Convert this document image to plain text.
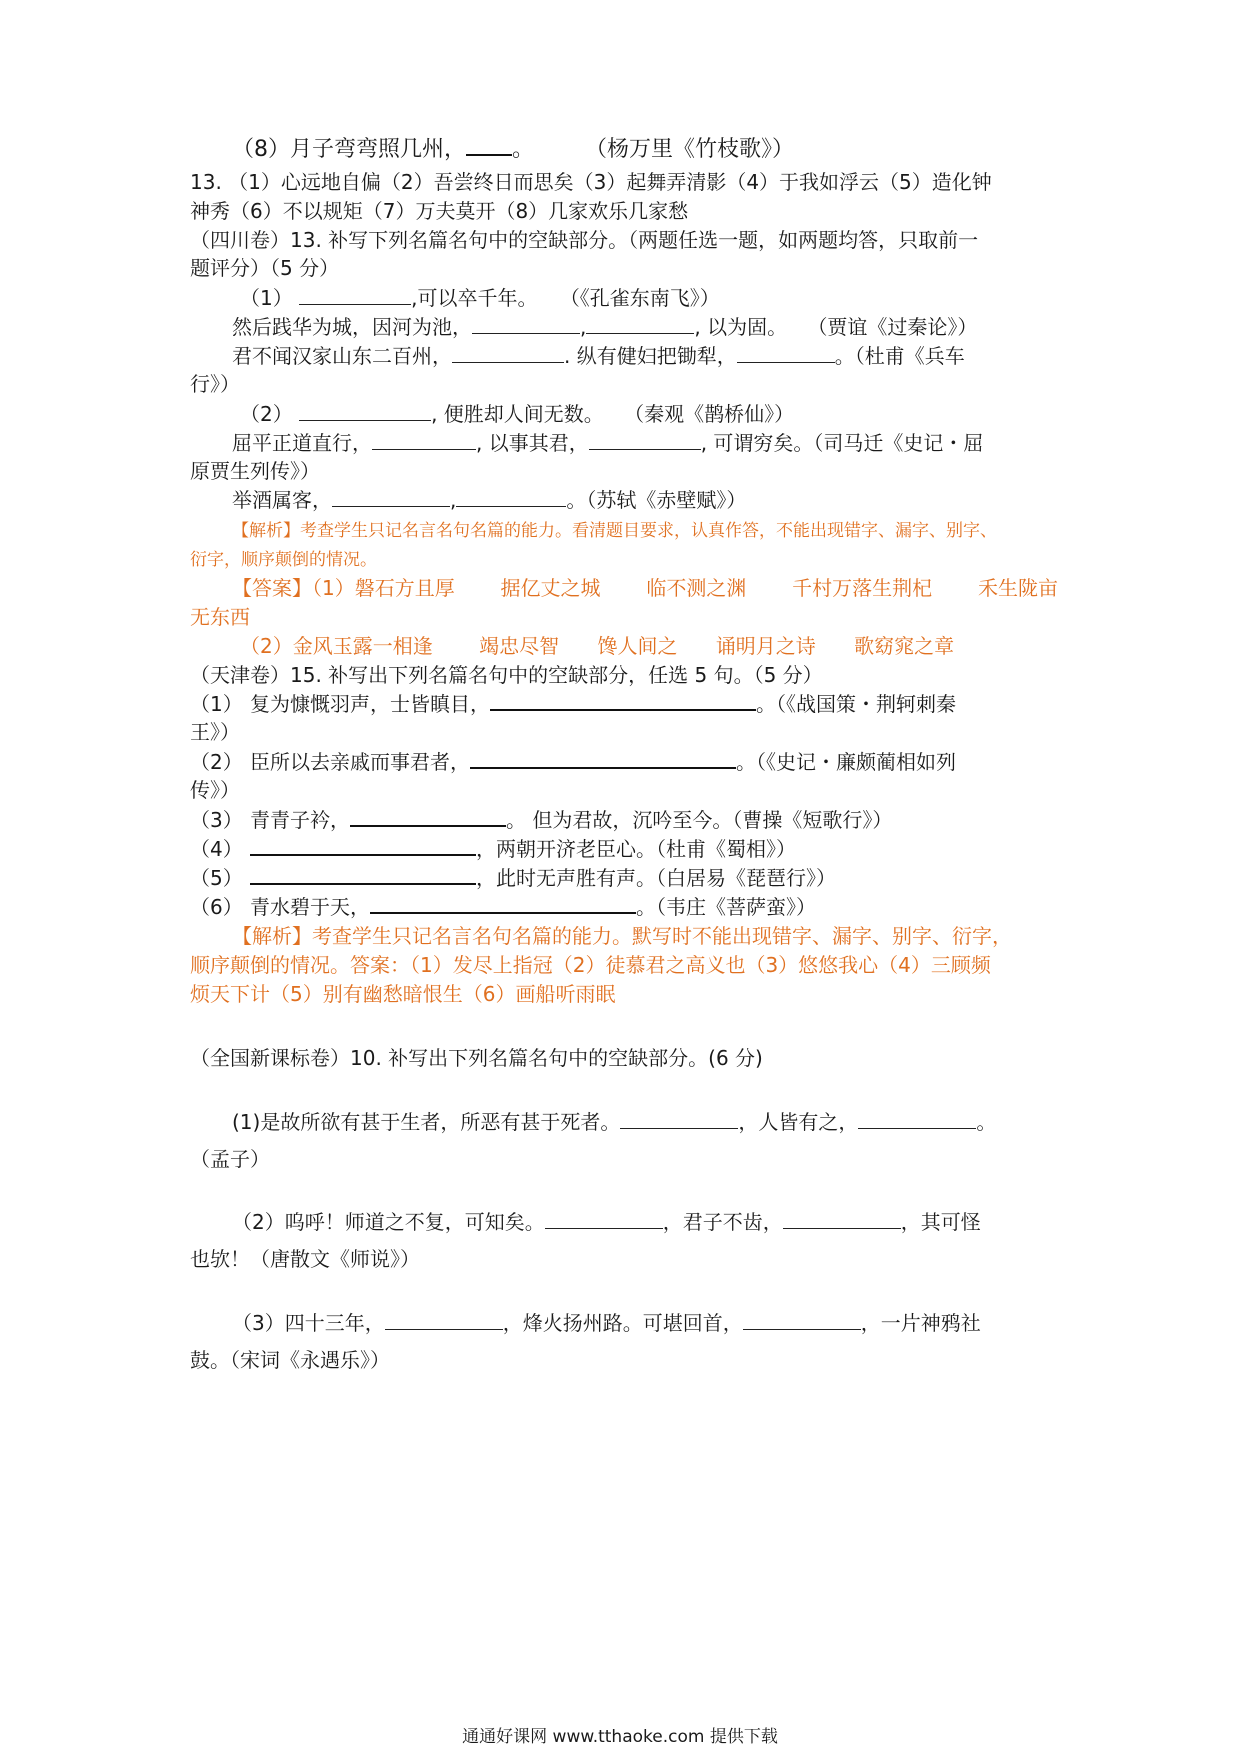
（8）月子弯弯照几州， 。 （杨万里《竹枝歌》）
13. （1）心远地自偏（2）吾尝终日而思矣（3）起舞弄清影（4）于我如浮云（5）造化钟
神秀（6）不以规矩（7）万夫莫开（8）几家欢乐几家愁
（四川卷）13. 补写下列名篇名句中的空缺部分。（两题任选一题，如两题均答，只取前一
题评分）（5 分）
（1）	,可以卒千年。 （《孔雀东南飞》）
然后践华为城，因河为池，	,	, 以为固。 （贾谊《过秦论》）
君不闻汉家山东二百州，	. 纵有健妇把锄犁，	。（杜甫《兵车
行》）
（2）	, 便胜却人间无数。 （秦观《鹊桥仙》）
屈平正道直行，	, 以事其君，	, 可谓穷矣。（司马迁《史记・屈
原贾生列传》）
举酒属客，	,	。（苏轼《赤壁赋》）
【解析】考查学生只记名言名句名篇的能力。看清题目要求，认真作答，不能出现错字、漏字、别字、
衍字，顺序颠倒的情况。
【答案】（1）磐石方且厚 据亿丈之城 临不测之渊 千村万落生荆杞 禾生陇亩
无东西
（2）金风玉露一相逢 竭忠尽智 馋人间之 诵明月之诗 歌窈窕之章
（天津卷）15. 补写出下列名篇名句中的空缺部分，任选 5 句。（5 分）
（1） 复为慷慨羽声，士皆瞋目，	。（《战国策・荆轲刺秦
王》）
（2） 臣所以去亲戚而事君者，	。（《史记・廉颇蔺相如列
传》）
（3） 青青子衿，	。 但为君故，沉吟至今。（曹操《短歌行》）
（4）	，两朝开济老臣心。（杜甫《蜀相》）
（5）	，此时无声胜有声。（白居易《琵琶行》）
（6） 青水碧于天，	。（韦庄《菩萨蛮》）
【解析】考查学生只记名言名句名篇的能力。默写时不能出现错字、漏字、别字、衍字，
顺序颠倒的情况。答案：（1）发尽上指冠（2）徒慕君之高义也（3）悠悠我心（4）三顾频
烦天下计（5）别有幽愁暗恨生（6）画船听雨眠
（全国新课标卷）10. 补写出下列名篇名句中的空缺部分。(6 分)
(1)是故所欲有甚于生者，所恶有甚于死者。	，人皆有之，	。
（孟子）
（2）呜呼！师道之不复，可知矣。	，君子不齿，	，其可怪
也欤！（唐散文《师说》）
（3）四十三年，	，烽火扬州路。可堪回首，	，一片神鸦社
鼓。（宋词《永遇乐》）
通通好课网 www.tthaoke.com 提供下载
